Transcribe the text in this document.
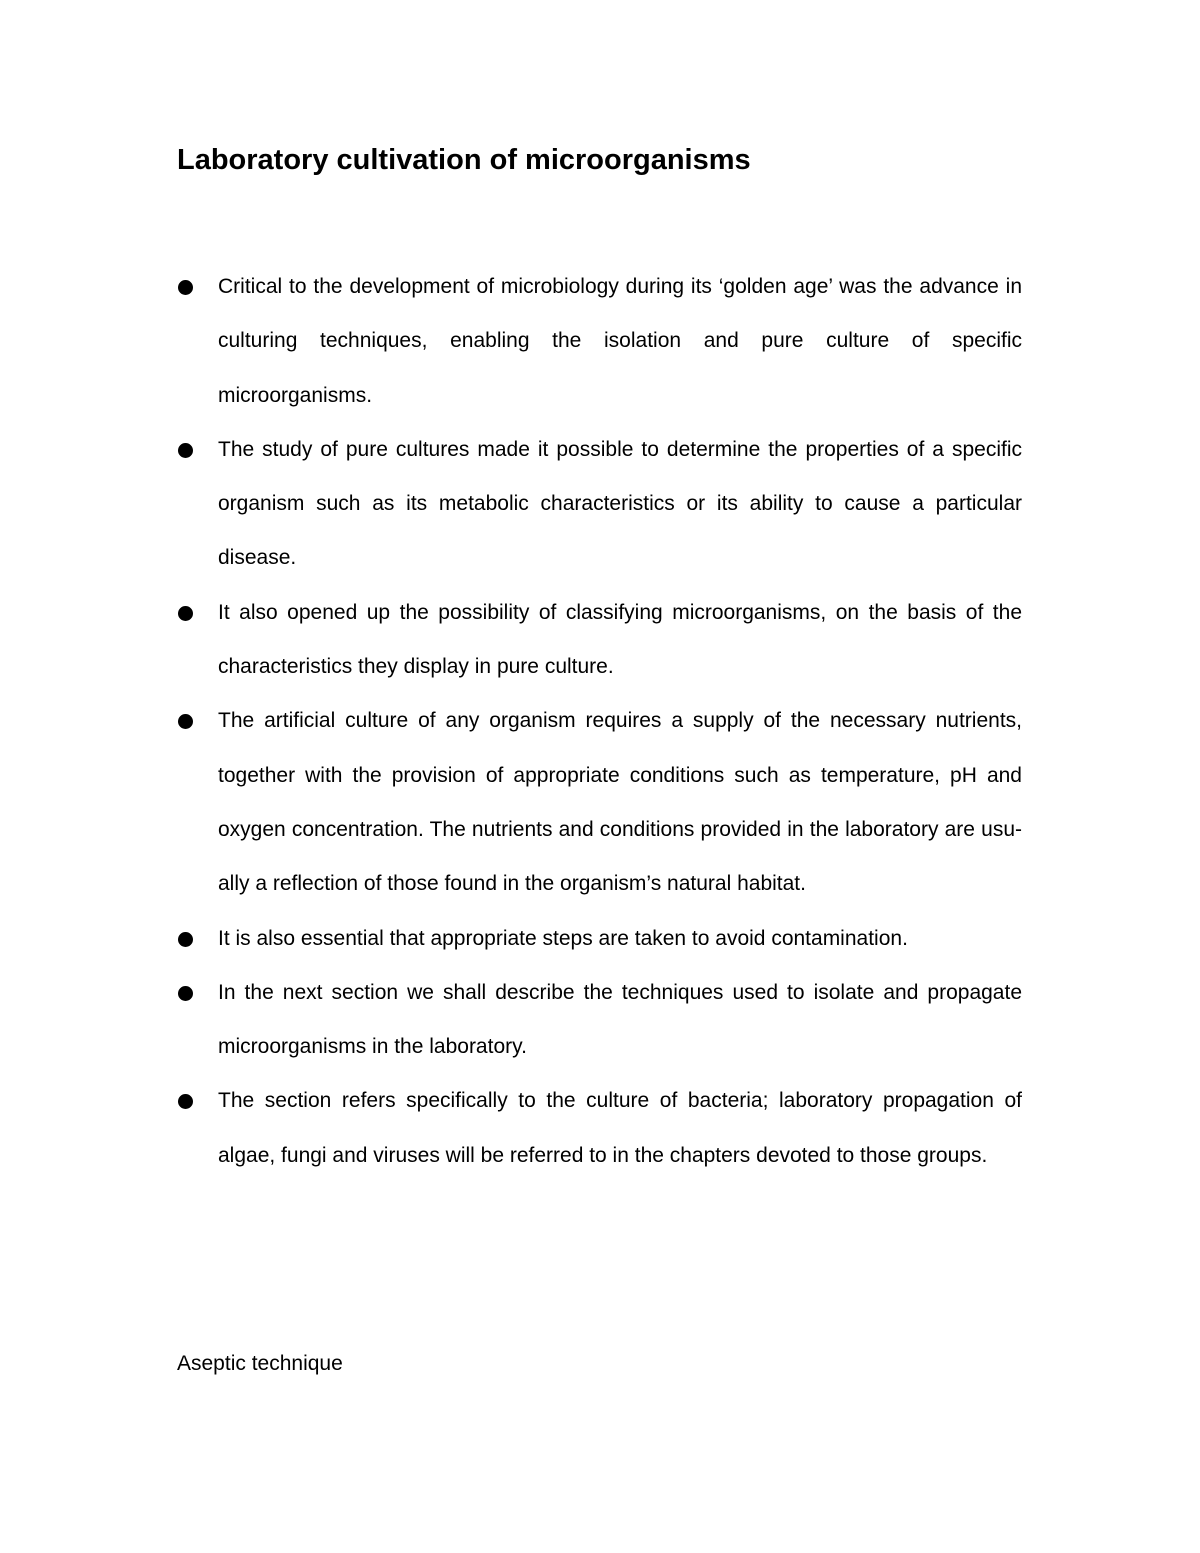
Laboratory cultivation of microorganisms
Critical to the development of microbiology during its ‘golden age’ was the advance in culturing techniques, enabling the isolation and pure culture of specific microorganisms.
The study of pure cultures made it possible to determine the properties of a specific organism such as its metabolic characteristics or its ability to cause a particular disease.
It also opened up the possibility of classifying microorganisms, on the basis of the characteristics they display in pure culture.
The artificial culture of any organism requires a supply of the necessary nutrients, together with the provision of appropriate conditions such as temperature, pH and oxygen concentration. The nutrients and conditions provided in the laboratory are usu- ally a reflection of those found in the organism’s natural habitat.
It is also essential that appropriate steps are taken to avoid contamination.
In the next section we shall describe the techniques used to isolate and propagate microorganisms in the laboratory.
The section refers specifically to the culture of bacteria; laboratory propagation of algae, fungi and viruses will be referred to in the chapters devoted to those groups.
Aseptic technique
